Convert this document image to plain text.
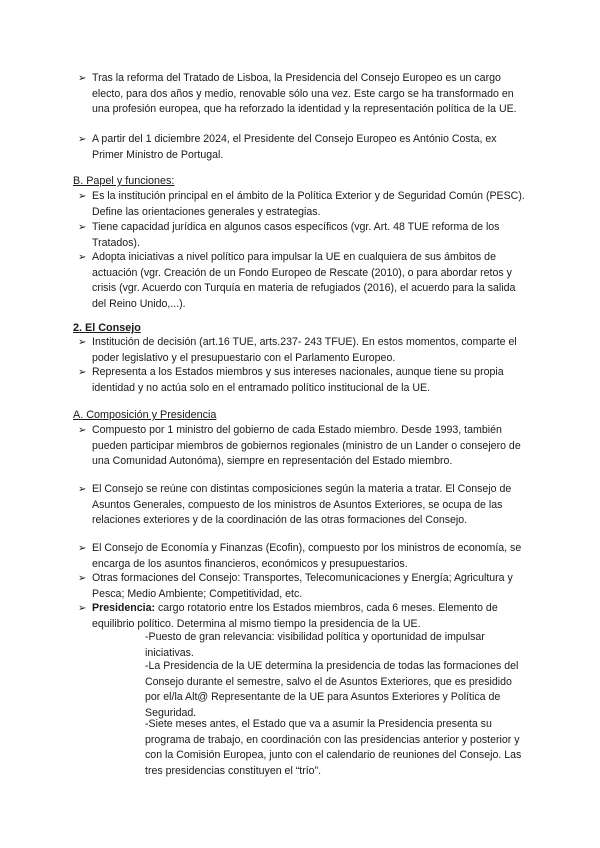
➢ Tras la reforma del Tratado de Lisboa, la Presidencia del Consejo Europeo es un cargo electo, para dos años y medio, renovable sólo una vez. Este cargo se ha transformado en una profesión europea, que ha reforzado la identidad y la representación política de la UE.
➢ A partir del 1 diciembre 2024, el Presidente del Consejo Europeo es António Costa, ex Primer Ministro de Portugal.
B. Papel y funciones:
➢ Es la institución principal en el ámbito de la Política Exterior y de Seguridad Común (PESC). Define las orientaciones generales y estrategias.
➢ Tiene capacidad jurídica en algunos casos específicos (vgr. Art. 48 TUE reforma de los Tratados).
➢ Adopta iniciativas a nivel político para impulsar la UE en cualquiera de sus ámbitos de actuación (vgr. Creación de un Fondo Europeo de Rescate (2010), o para abordar retos y crisis (vgr. Acuerdo con Turquía en materia de refugiados (2016), el acuerdo para la salida del Reino Unido,...).
2. El Consejo
➢ Institución de decisión (art.16 TUE, arts.237- 243 TFUE). En estos momentos, comparte el poder legislativo y el presupuestario con el Parlamento Europeo.
➢ Representa a los Estados miembros y sus intereses nacionales, aunque tiene su propia identidad y no actúa solo en el entramado político institucional de la UE.
A. Composición y Presidencia
➢ Compuesto por 1 ministro del gobierno de cada Estado miembro. Desde 1993, también pueden participar miembros de gobiernos regionales (ministro de un Lander o consejero de una Comunidad Autonóma), siempre en representación del Estado miembro.
➢ El Consejo se reúne con distintas composiciones según la materia a tratar. El Consejo de Asuntos Generales, compuesto de los ministros de Asuntos Exteriores, se ocupa de las relaciones exteriores y de la coordinación de las otras formaciones del Consejo.
➢ El Consejo de Economía y Finanzas (Ecofin), compuesto por los ministros de economía, se encarga de los asuntos financieros, económicos y presupuestarios.
➢ Otras formaciones del Consejo: Transportes, Telecomunicaciones y Energía; Agricultura y Pesca; Medio Ambiente; Competitividad, etc.
➢ Presidencia: cargo rotatorio entre los Estados miembros, cada 6 meses. Elemento de equilibrio político. Determina al mismo tiempo la presidencia de la UE.
-Puesto de gran relevancia: visibilidad política y oportunidad de impulsar iniciativas.
-La Presidencia de la UE determina la presidencia de todas las formaciones del Consejo durante el semestre, salvo el de Asuntos Exteriores, que es presidido por el/la Alt@ Representante de la UE para Asuntos Exteriores y Política de Seguridad.
-Siete meses antes, el Estado que va a asumir la Presidencia presenta su programa de trabajo, en coordinación con las presidencias anterior y posterior y con la Comisión Europea, junto con el calendario de reuniones del Consejo. Las tres presidencias constituyen el “trío”.
